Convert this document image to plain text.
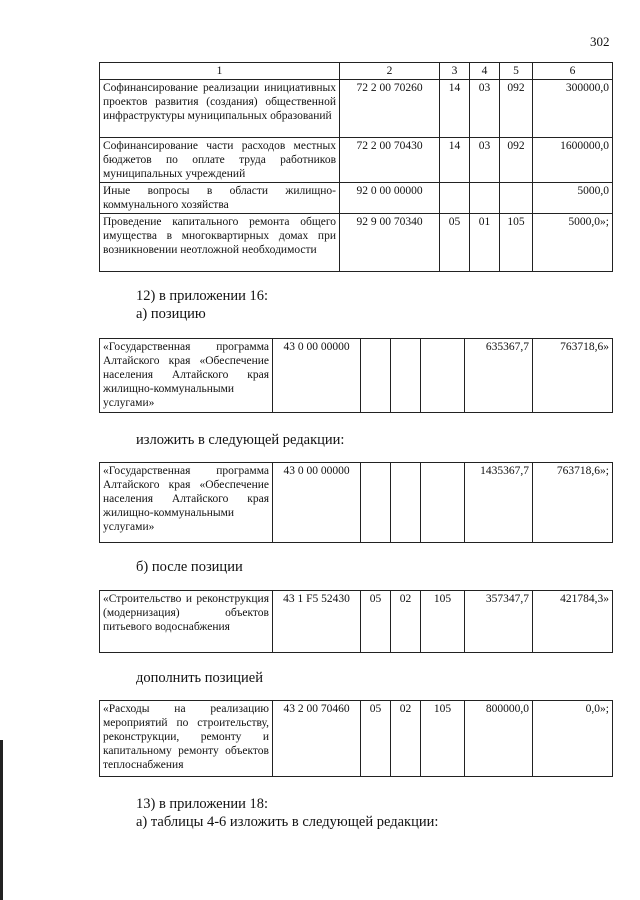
302
1	2	3	4	5	6
Софинансирование реализации инициативных проектов развития (создания) общественной инфраструктуры муниципальных образований	72 2 00 70260	14	03	092	300000,0
Софинансирование части расходов местных бюджетов по оплате труда работников муниципальных учреждений	72 2 00 70430	14	03	092	1600000,0
Иные вопросы в области жилищно-коммунального хозяйства	92 0 00 00000				5000,0
Проведение капитального ремонта общего имущества в многоквартирных домах при возникновении неотложной необходимости	92 9 00 70340	05	01	105	5000,0»;
12) в приложении 16:
а) позицию
«Государственная программа Алтайского края «Обеспечение населения Алтайского края жилищно-коммунальными услугами»	43 0 00 00000				635367,7	763718,6»
изложить в следующей редакции:
«Государственная программа Алтайского края «Обеспечение населения Алтайского края жилищно-коммунальными услугами»	43 0 00 00000				1435367,7	763718,6»;
б) после позиции
«Строительство и реконструкция (модернизация) объектов питьевого водоснабжения	43 1 F5 52430	05	02	105	357347,7	421784,3»
дополнить позицией
«Расходы на реализацию мероприятий по строительству, реконструкции, ремонту и капитальному ремонту объектов теплоснабжения	43 2 00 70460	05	02	105	800000,0	0,0»;
13) в приложении 18:
а) таблицы 4-6 изложить в следующей редакции:
